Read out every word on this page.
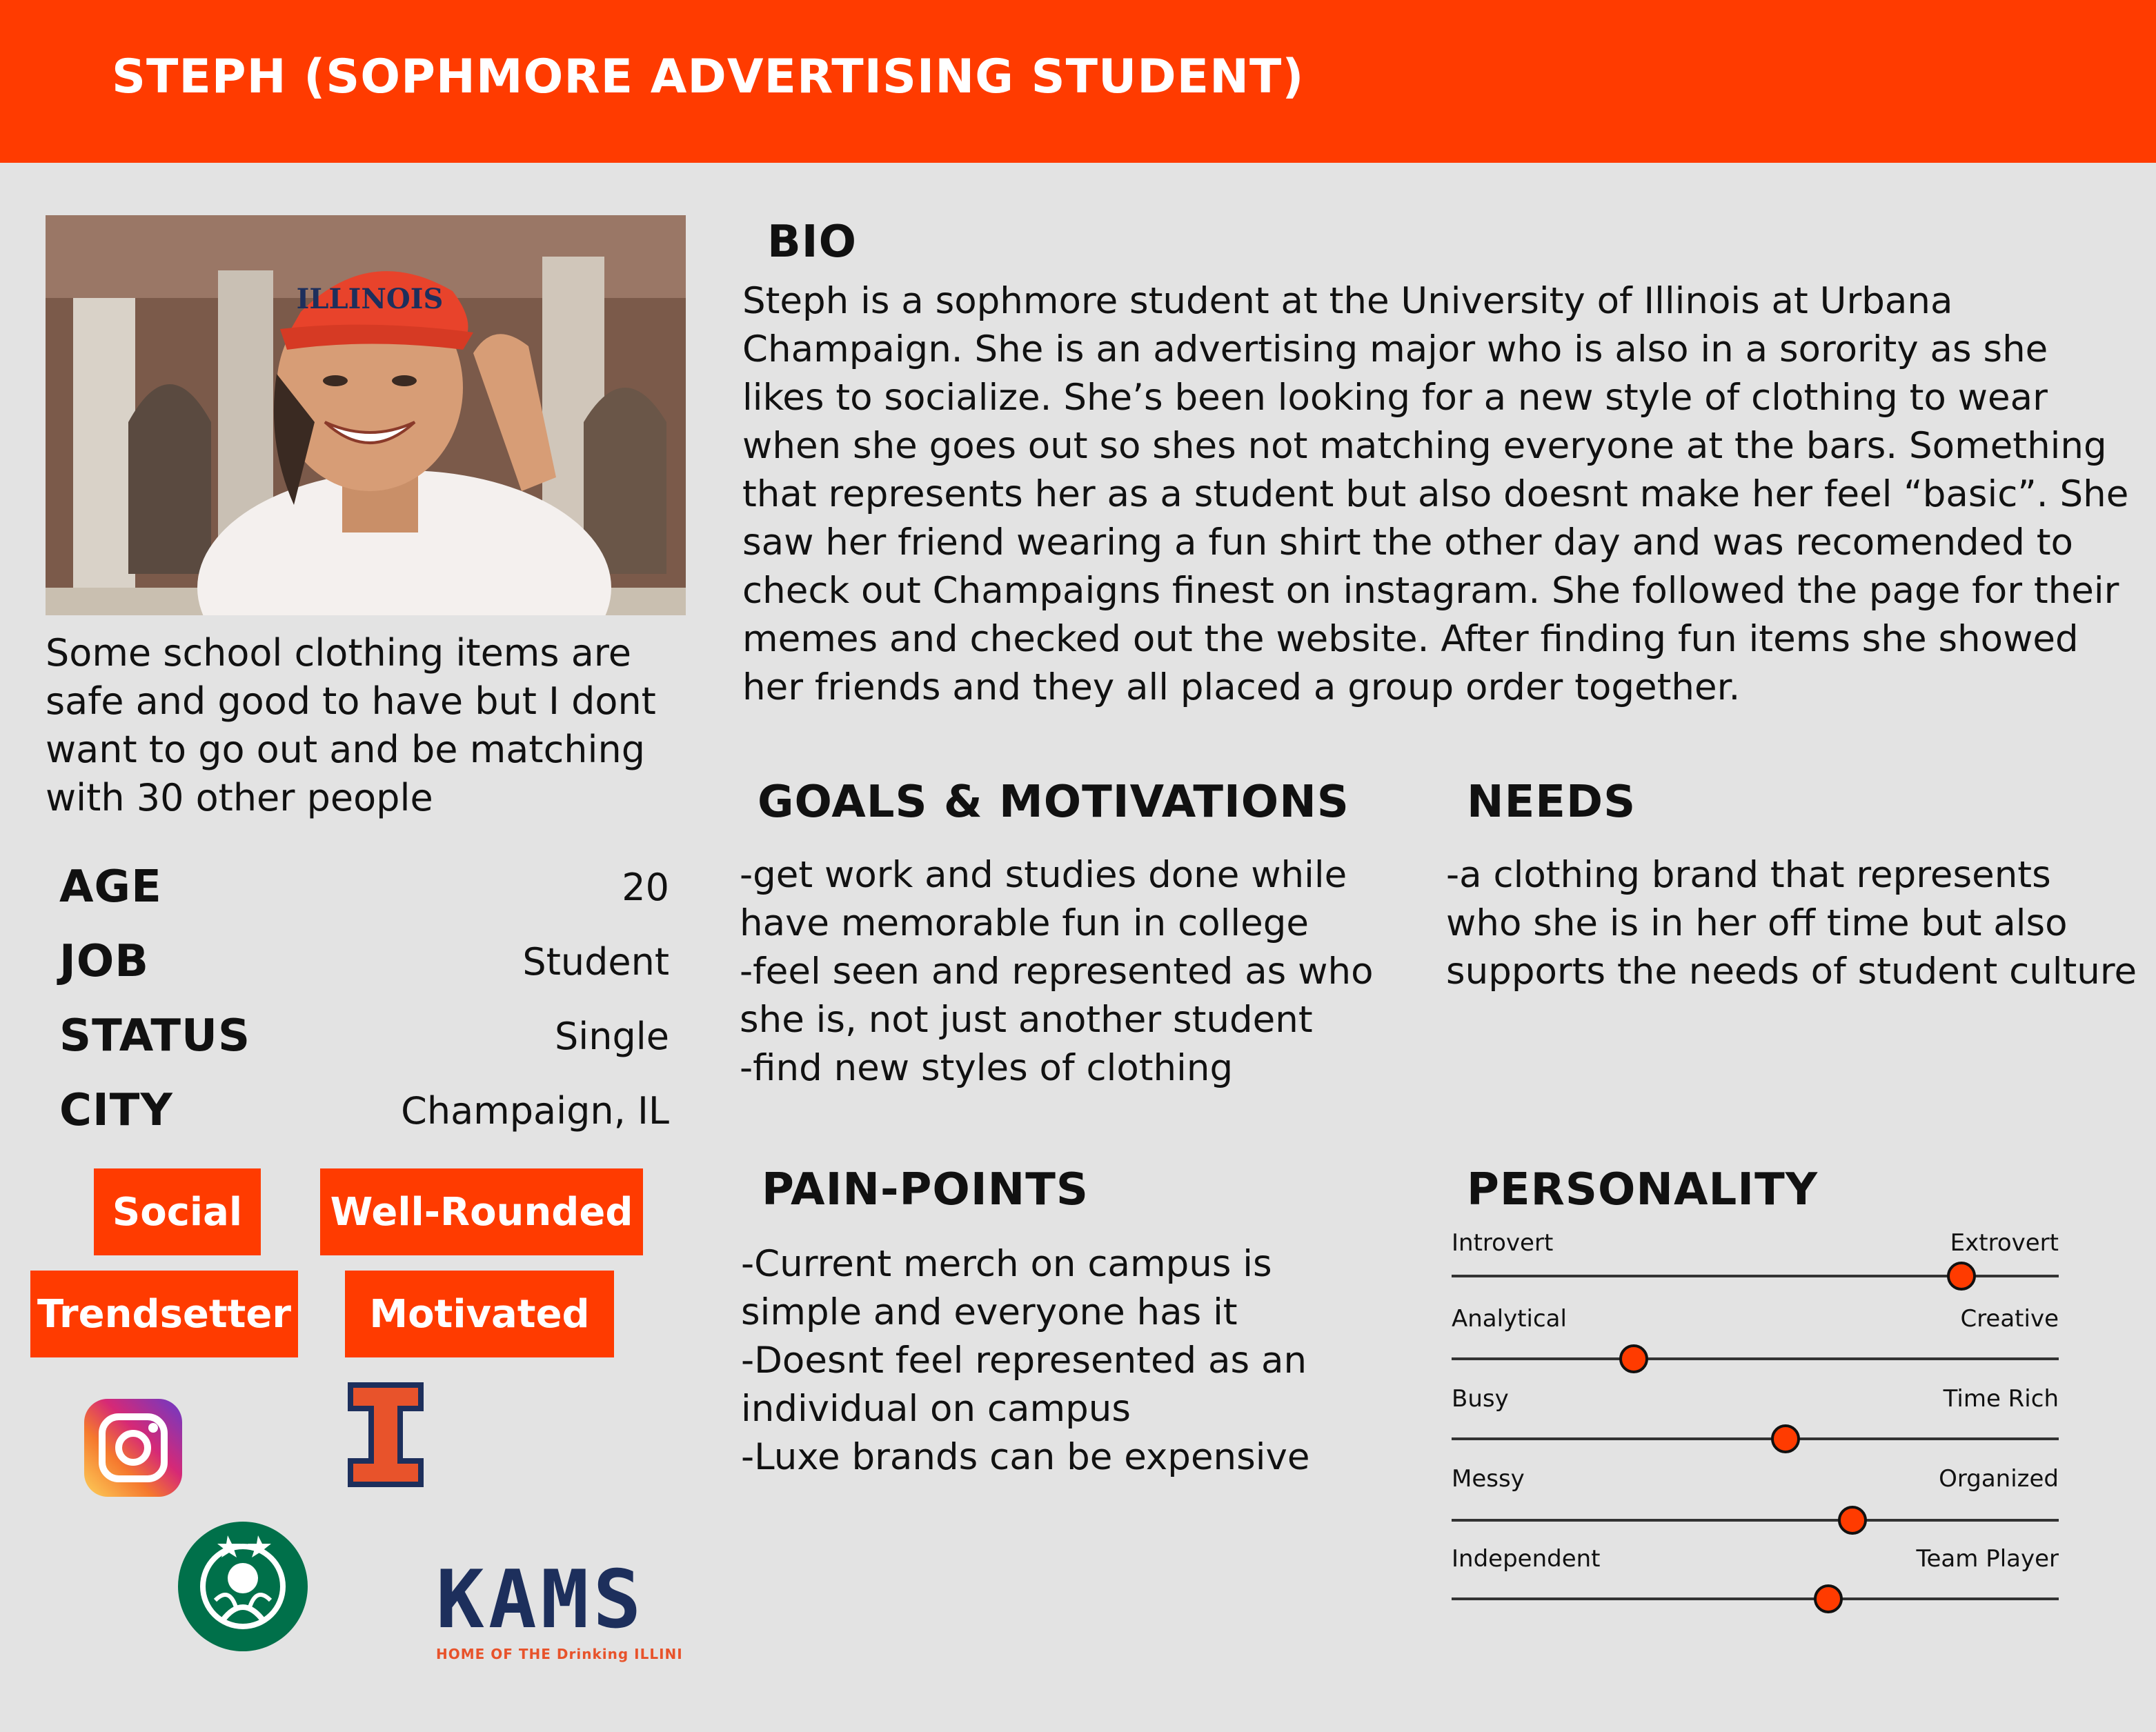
STEPH (SOPHMORE ADVERTISING STUDENT)
ILLINOIS
Some school clothing items are safe and good to have but I dont want to go out and be matching with 30 other people
AGE	20
JOB	Student
STATUS	Single
CITY	Champaign, IL
Social	Well-Rounded
Trendsetter	Motivated
KAMS
HOME OF THE Drinking ILLINI
BIO

Steph is a sophmore student at the University of Illinois at Urbana

Champaign. She is an advertising major who is also in a sorority as she

likes to socialize. She’s been looking for a new style of clothing to wear

when she goes out so shes not matching everyone at the bars. Something

that represents her as a student but also doesnt make her feel “basic”. She

saw her friend wearing a fun shirt the other day and was recomended to

check out Champaigns finest on instagram. She followed the page for their

memes and checked out the website. After finding fun items she showed

her friends and they all placed a group order together.

GOALS & MOTIVATIONS

-get work and studies done while

have memorable fun in college

-feel seen and represented as who

she is, not just another student

-find new styles of clothing

NEEDS

-a clothing brand that represents

who she is in her off time but also

supports the needs of student culture

PAIN-POINTS

-Current merch on campus is

simple and everyone has it

-Doesnt feel represented as an

individual on campus

-Luxe brands can be expensive

PERSONALITY
Introvert	Extrovert
Analytical	Creative
Busy	Time Rich
Messy	Organized
Independent	Team Player
